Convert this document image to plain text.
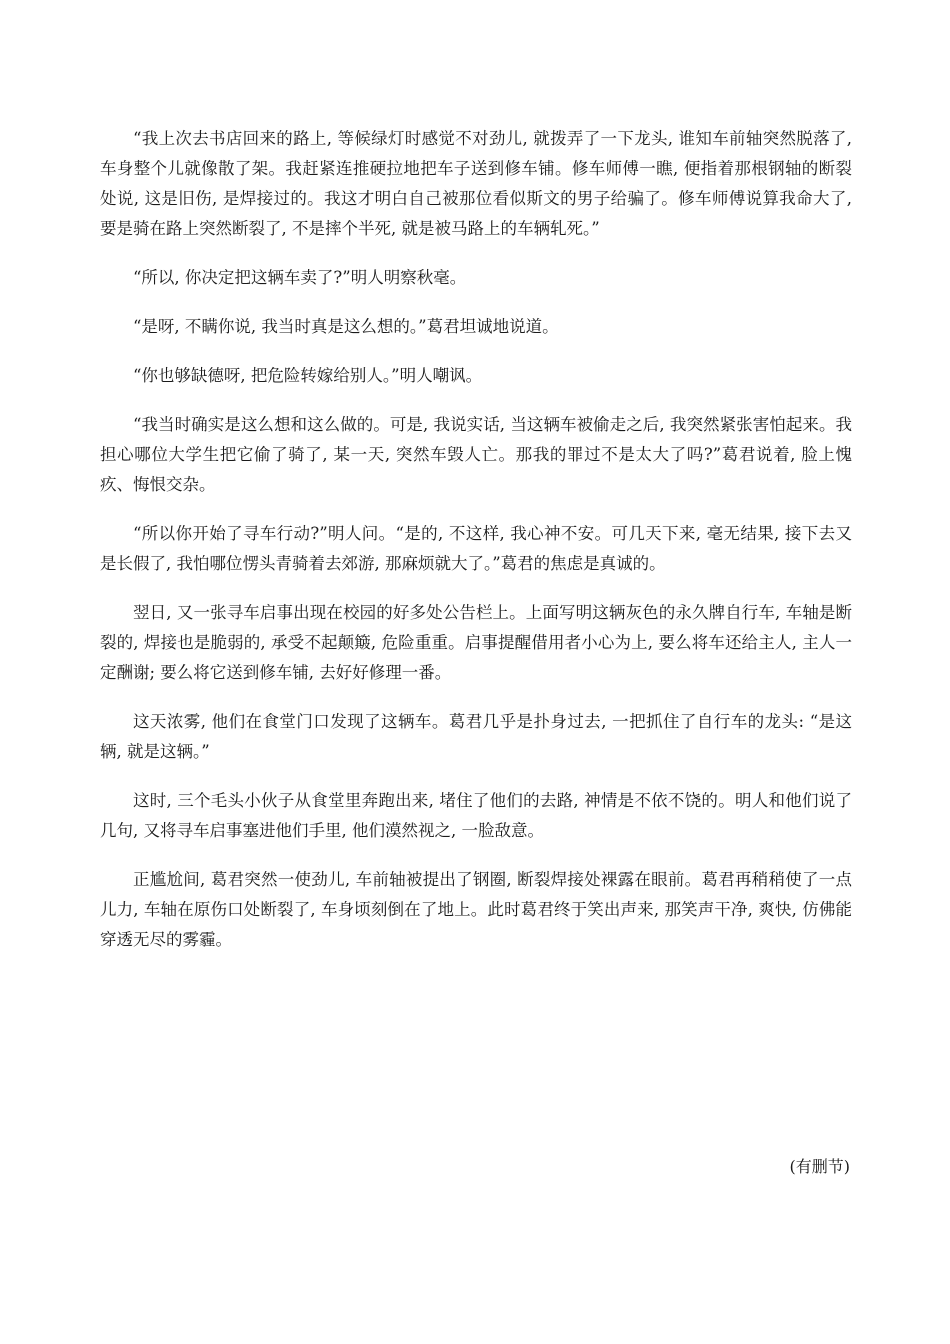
“我上次去书店回来的路上, 等候绿灯时感觉不对劲儿, 就拨弄了一下龙头, 谁知车前轴突然脱落了, 车身整个儿就像散了架。我赶紧连推硬拉地把车子送到修车铺。修车师傅一瞧, 便指着那根钢轴的断裂处说, 这是旧伤, 是焊接过的。我这才明白自己被那位看似斯文的男子给骗了。修车师傅说算我命大了, 要是骑在路上突然断裂了, 不是摔个半死, 就是被马路上的车辆轧死。”

“所以, 你决定把这辆车卖了?”明人明察秋毫。

“是呀, 不瞒你说, 我当时真是这么想的。”葛君坦诚地说道。

“你也够缺德呀, 把危险转嫁给别人。”明人嘲讽。

“我当时确实是这么想和这么做的。可是, 我说实话, 当这辆车被偷走之后, 我突然紧张害怕起来。我担心哪位大学生把它偷了骑了, 某一天, 突然车毁人亡。那我的罪过不是太大了吗?”葛君说着, 脸上愧疚、悔恨交杂。

“所以你开始了寻车行动?”明人问。“是的, 不这样, 我心神不安。可几天下来, 毫无结果, 接下去又是长假了, 我怕哪位愣头青骑着去郊游, 那麻烦就大了。”葛君的焦虑是真诚的。

翌日, 又一张寻车启事出现在校园的好多处公告栏上。上面写明这辆灰色的永久牌自行车, 车轴是断裂的, 焊接也是脆弱的, 承受不起颠簸, 危险重重。启事提醒借用者小心为上, 要么将车还给主人, 主人一定酬谢; 要么将它送到修车铺, 去好好修理一番。

这天浓雾, 他们在食堂门口发现了这辆车。葛君几乎是扑身过去, 一把抓住了自行车的龙头: “是这辆, 就是这辆。”

这时, 三个毛头小伙子从食堂里奔跑出来, 堵住了他们的去路, 神情是不依不饶的。明人和他们说了几句, 又将寻车启事塞进他们手里, 他们漠然视之, 一脸敌意。

正尴尬间, 葛君突然一使劲儿, 车前轴被提出了钢圈, 断裂焊接处裸露在眼前。葛君再稍稍使了一点儿力, 车轴在原伤口处断裂了, 车身顷刻倒在了地上。此时葛君终于笑出声来, 那笑声干净, 爽快, 仿佛能穿透无尽的雾霾。

(有删节)
